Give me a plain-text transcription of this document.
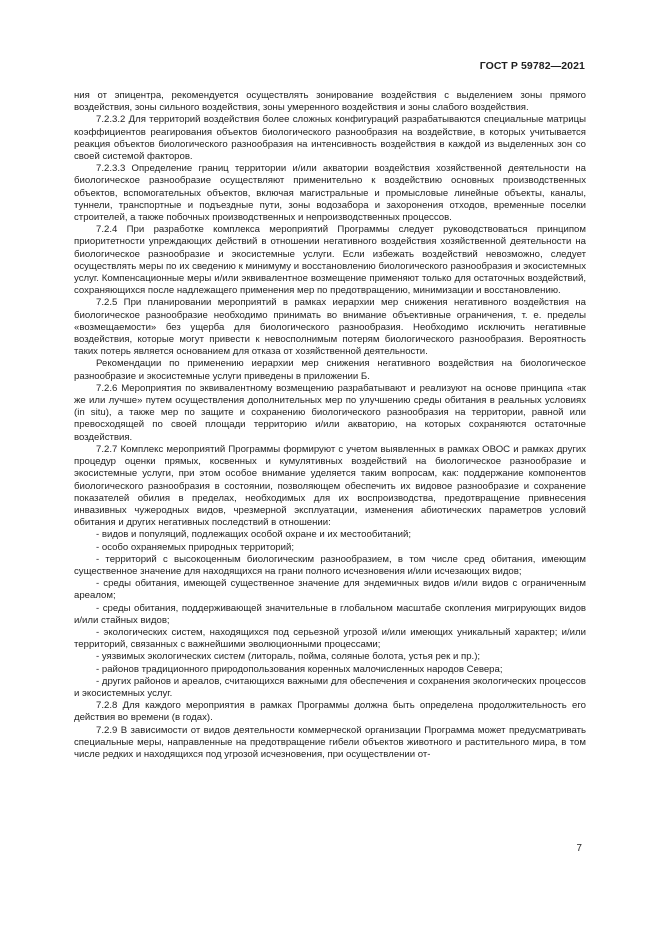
ГОСТ Р 59782—2021

ния от эпицентра, рекомендуется осуществлять зонирование воздействия с выделением зоны прямого воздействия, зоны сильного воздействия, зоны умеренного воздействия и зоны слабого воздействия.

7.2.3.2 Для территорий воздействия более сложных конфигураций разрабатываются специальные матрицы коэффициентов реагирования объектов биологического разнообразия на воздействие, в которых учитывается реакция объектов биологического разнообразия на интенсивность воздействия в каждой из выделенных зон со своей системой факторов.

7.2.3.3 Определение границ территории и/или акватории воздействия хозяйственной деятельности на биологическое разнообразие осуществляют применительно к воздействию основных производственных объектов, вспомогательных объектов, включая магистральные и промысловые линейные объекты, каналы, туннели, транспортные и подъездные пути, зоны водозабора и захоронения отходов, временные поселки строителей, а также побочных производственных и непроизводственных процессов.

7.2.4 При разработке комплекса мероприятий Программы следует руководствоваться принципом приоритетности упреждающих действий в отношении негативного воздействия хозяйственной деятельности на биологическое разнообразие и экосистемные услуги. Если избежать воздействий невозможно, следует осуществлять меры по их сведению к минимуму и восстановлению биологического разнообразия и экосистемных услуг. Компенсационные меры и/или эквивалентное возмещение применяют только для остаточных воздействий, сохраняющихся после надлежащего применения мер по предотвращению, минимизации и восстановлению.

7.2.5 При планировании мероприятий в рамках иерархии мер снижения негативного воздействия на биологическое разнообразие необходимо принимать во внимание объективные ограничения, т. е. пределы «возмещаемости» без ущерба для биологического разнообразия. Необходимо исключить негативные воздействия, которые могут привести к невосполнимым потерям биологического разнообразия. Вероятность таких потерь является основанием для отказа от хозяйственной деятельности.

Рекомендации по применению иерархии мер снижения негативного воздействия на биологическое разнообразие и экосистемные услуги приведены в приложении Б.

7.2.6 Мероприятия по эквивалентному возмещению разрабатывают и реализуют на основе принципа «так же или лучше» путем осуществления дополнительных мер по улучшению среды обитания в реальных условиях (in situ), а также мер по защите и сохранению биологического разнообразия на территории, равной или превосходящей по своей площади территорию и/или акваторию, на которых сохраняются остаточные воздействия.

7.2.7 Комплекс мероприятий Программы формируют с учетом выявленных в рамках ОВОС и рамках других процедур оценки прямых, косвенных и кумулятивных воздействий на биологическое разнообразие и экосистемные услуги, при этом особое внимание уделяется таким вопросам, как: поддержание компонентов биологического разнообразия в состоянии, позволяющем обеспечить их видовое разнообразие и сохранение показателей обилия в пределах, необходимых для их воспроизводства, предотвращение привнесения инвазивных чужеродных видов, чрезмерной эксплуатации, изменения абиотических параметров условий обитания и других негативных последствий в отношении:

- видов и популяций, подлежащих особой охране и их местообитаний;

- особо охраняемых природных территорий;

- территорий с высокоценным биологическим разнообразием, в том числе сред обитания, имеющим существенное значение для находящихся на грани полного исчезновения и/или исчезающих видов;

- среды обитания, имеющей существенное значение для эндемичных видов и/или видов с ограниченным ареалом;

- среды обитания, поддерживающей значительные в глобальном масштабе скопления мигрирующих видов и/или стайных видов;

- экологических систем, находящихся под серьезной угрозой и/или имеющих уникальный характер; и/или территорий, связанных с важнейшими эволюционными процессами;

- уязвимых экологических систем (литораль, пойма, соляные болота, устья рек и пр.);

- районов традиционного природопользования коренных малочисленных народов Севера;

- других районов и ареалов, считающихся важными для обеспечения и сохранения экологических процессов и экосистемных услуг.

7.2.8 Для каждого мероприятия в рамках Программы должна быть определена продолжительность его действия во времени (в годах).

7.2.9 В зависимости от видов деятельности коммерческой организации Программа может предусматривать специальные меры, направленные на предотвращение гибели объектов животного и растительного мира, в том числе редких и находящихся под угрозой исчезновения, при осуществлении от-

7
